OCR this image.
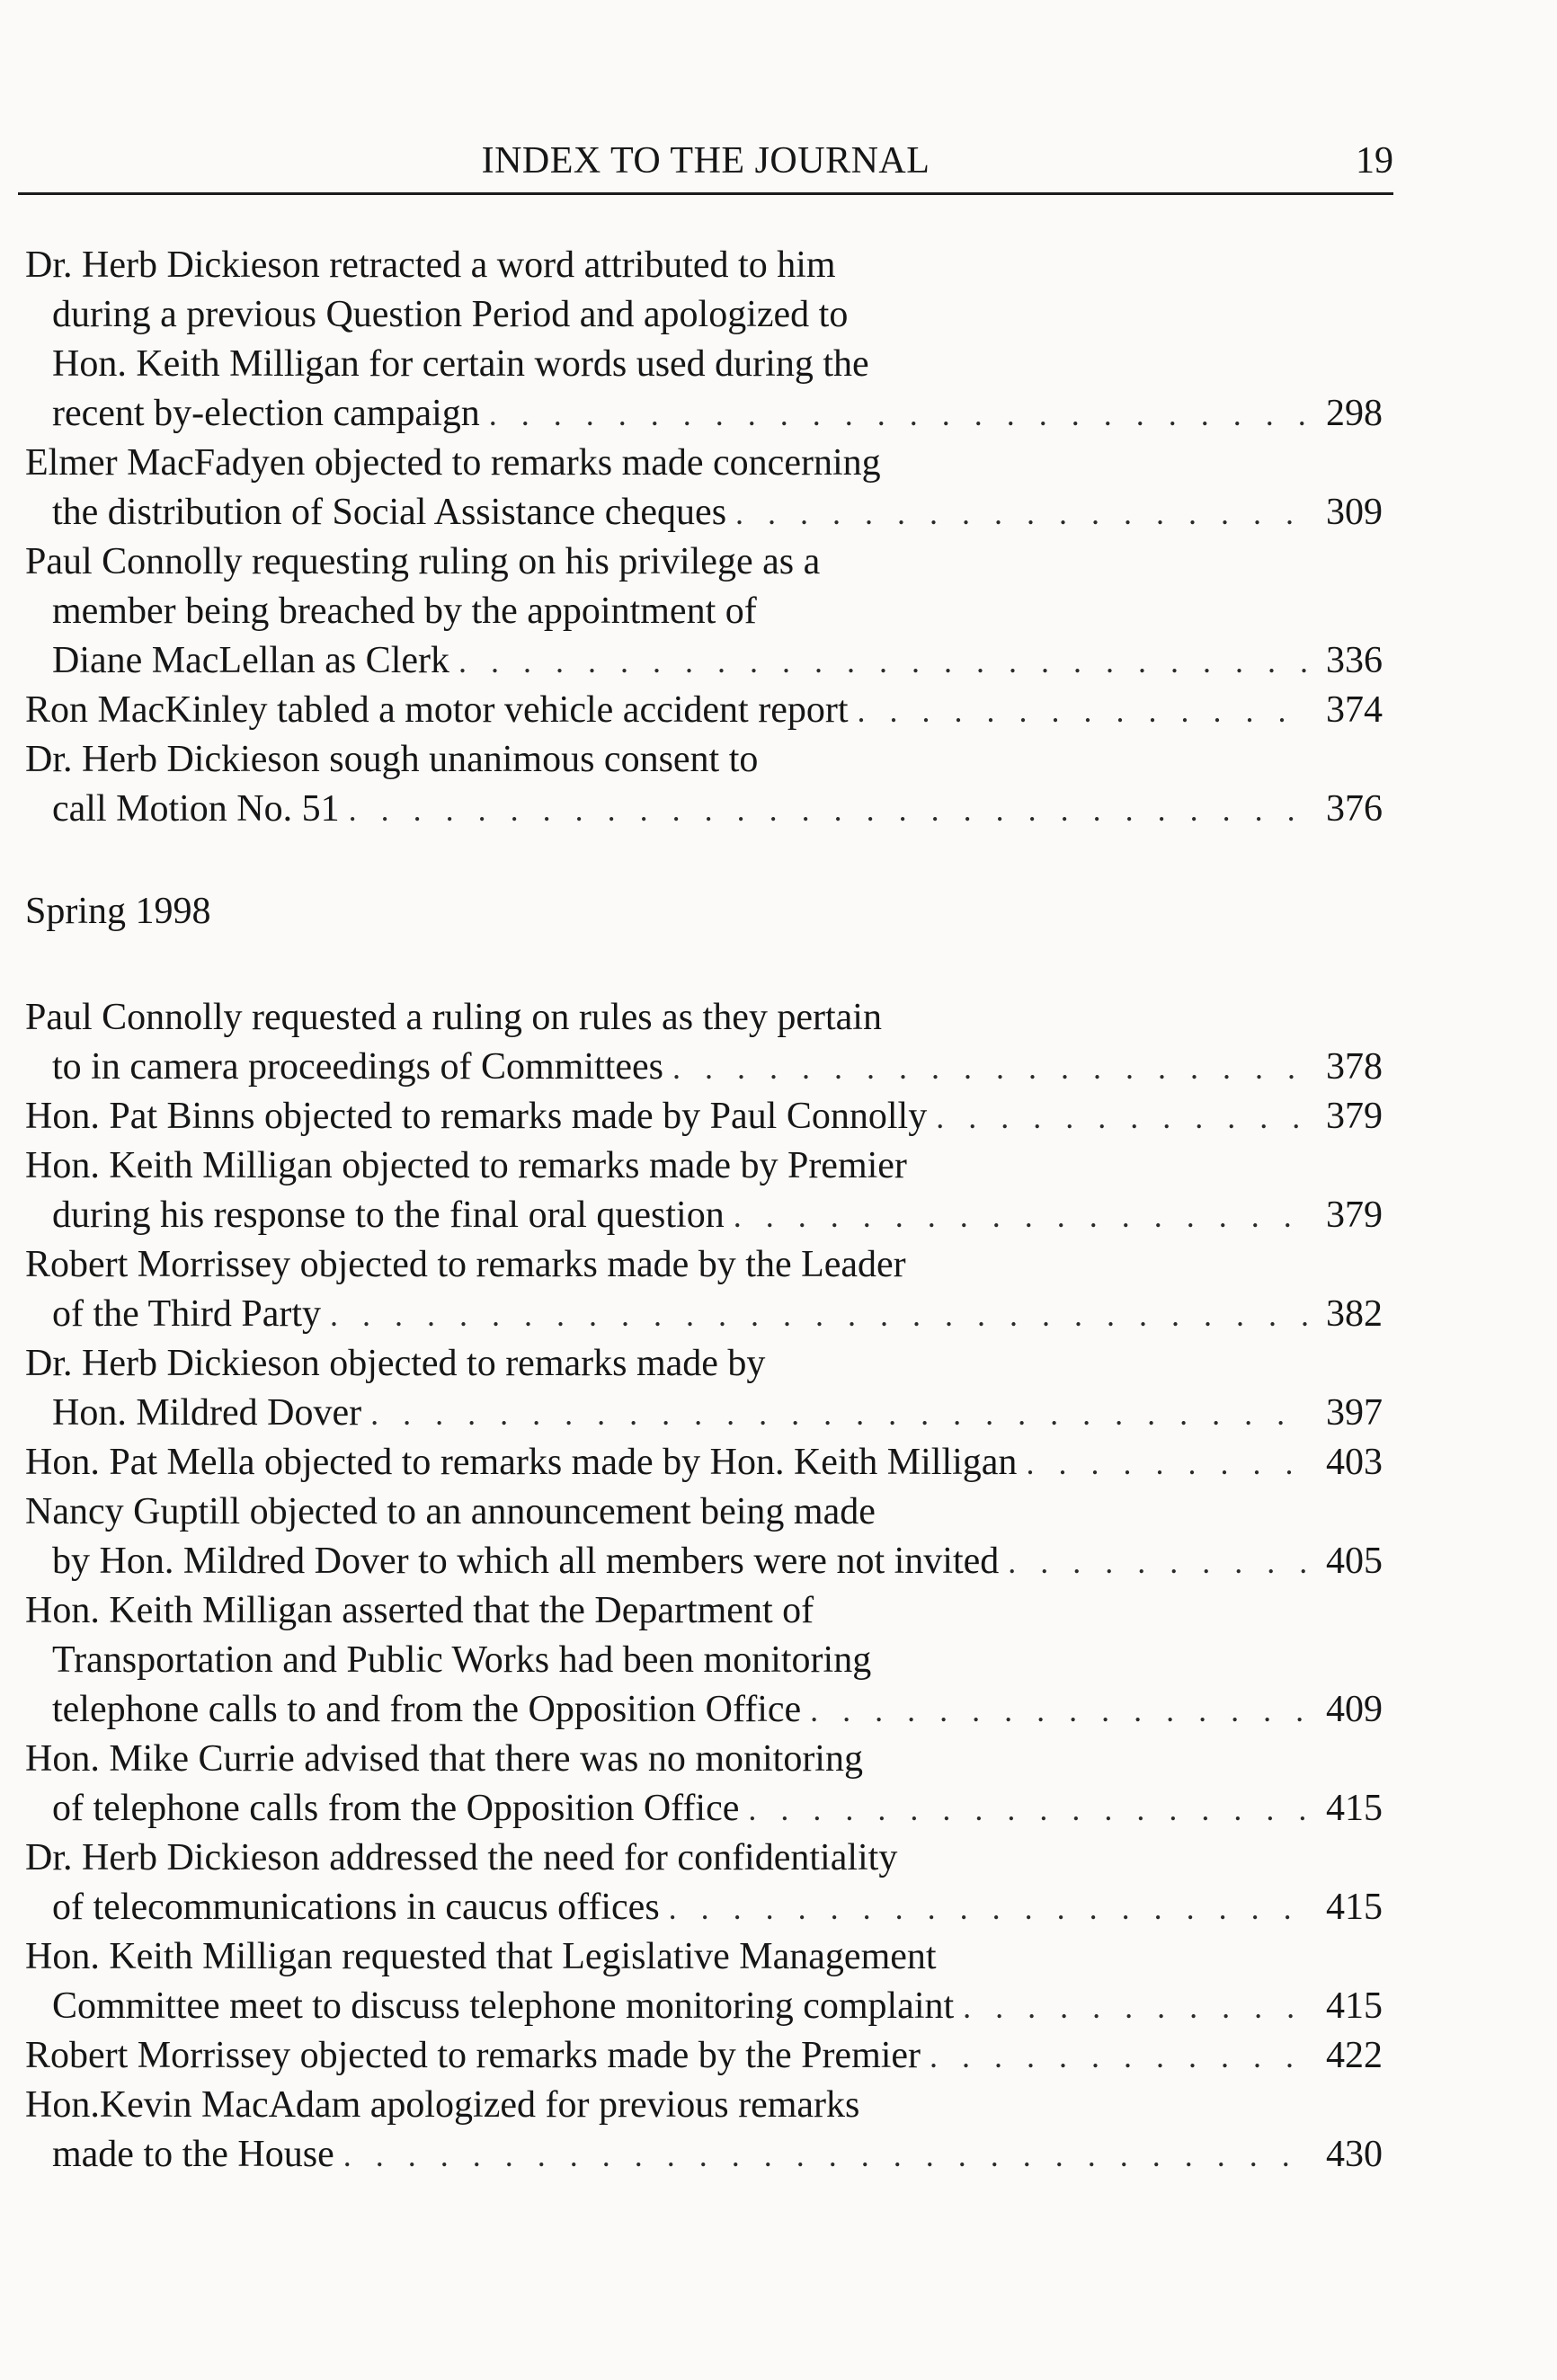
INDEX TO THE JOURNAL	19
Dr. Herb Dickieson retracted a word attributed to him
during a previous Question Period and apologized to
Hon. Keith Milligan for certain words used during the
recent by-election campaign . . .	298
Elmer MacFadyen objected to remarks made concerning
the distribution of Social Assistance cheques . . .	309
Paul Connolly requesting ruling on his privilege as a
member being breached by the appointment of
Diane MacLellan as Clerk . . .	336
Ron MacKinley tabled a motor vehicle accident report . . .	374
Dr. Herb Dickieson sough unanimous consent to
call Motion No. 51 . . .	376
Spring 1998
Paul Connolly requested a ruling on rules as they pertain
to in camera proceedings of Committees . . .	378
Hon. Pat Binns objected to remarks made by Paul Connolly . . .	379
Hon. Keith Milligan objected to remarks made by Premier
during his response to the final oral question . . .	379
Robert Morrissey objected to remarks made by the Leader
of the Third Party . . .	382
Dr. Herb Dickieson objected to remarks made by
Hon. Mildred Dover . . .	397
Hon. Pat Mella objected to remarks made by Hon. Keith Milligan . . .	403
Nancy Guptill objected to an announcement being made
by Hon. Mildred Dover to which all members were not invited . . .	405
Hon. Keith Milligan asserted that the Department of
Transportation and Public Works had been monitoring
telephone calls to and from the Opposition Office . . .	409
Hon. Mike Currie advised that there was no monitoring
of telephone calls from the Opposition Office . . .	415
Dr. Herb Dickieson addressed the need for confidentiality
of telecommunications in caucus offices . . .	415
Hon. Keith Milligan requested that Legislative Management
Committee meet to discuss telephone monitoring complaint . . .	415
Robert Morrissey objected to remarks made by the Premier . . .	422
Hon.Kevin MacAdam apologized for previous remarks
made to the House . . .	430
